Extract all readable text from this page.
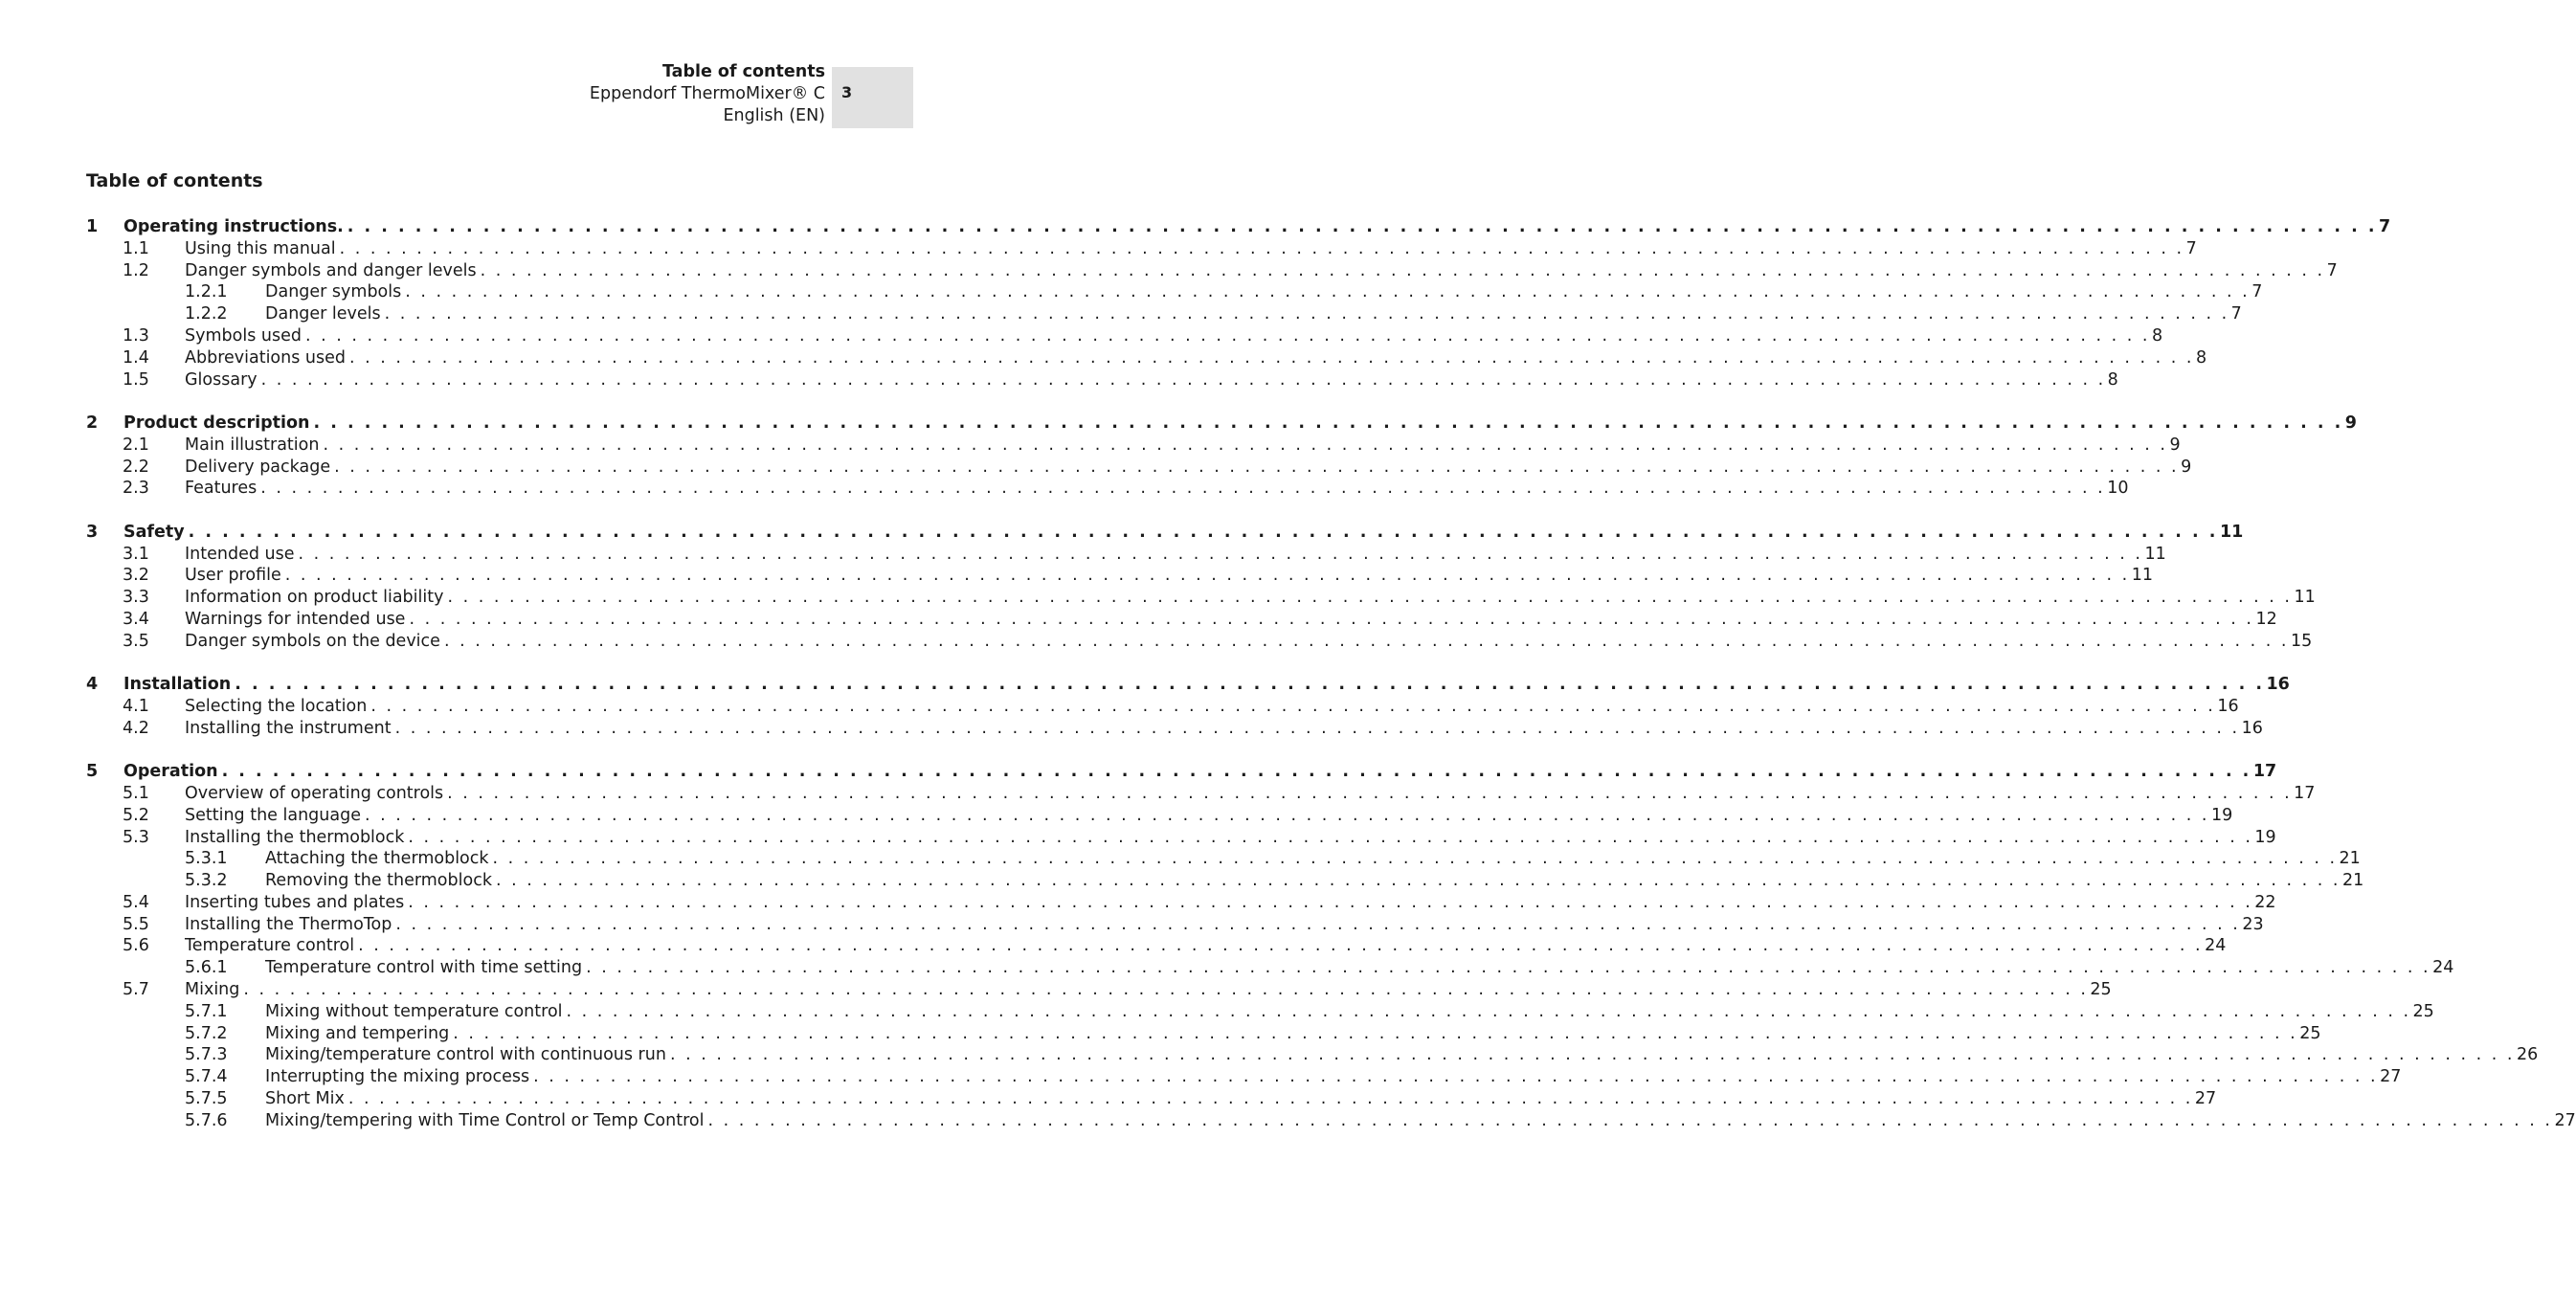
Table of contents
Eppendorf ThermoMixer® C
English (EN)
3
Table of contents
1 Operating instructions. . . . . . . . . . . . . . . . . . . . . . . . . . . . . . . . . . . . . . . . . . . . . . . . . . . . . . . . . . . . . . . . . . . . . . . . . . . . . . . . . . . . . . . . . . . . . . . . . . . . . . . . . . . . . . . . . . . . . . . . . 7
1.1 Using this manual . . . . . . . . . . . . . . . . . . . . . . . . . . . . . . . . . . . . . . . . . . . . . . . . . . . . . . . . . . . . . . . . . . . . . . . . . . . . . . . . . . . . . . . . . . . . . . . . . . . . . . . . . . . . . . . . . . . . . . . . 7
1.2 Danger symbols and danger levels . . . . . . . . . . . . . . . . . . . . . . . . . . . . . . . . . . . . . . . . . . . . . . . . . . . . . . . . . . . . . . . . . . . . . . . . . . . . . . . . . . . . . . . . . . . . . . . . . . . . . . . . . . . . . . . . . . . . . . . . 7
1.2.1 Danger symbols . . . . . . . . . . . . . . . . . . . . . . . . . . . . . . . . . . . . . . . . . . . . . . . . . . . . . . . . . . . . . . . . . . . . . . . . . . . . . . . . . . . . . . . . . . . . . . . . . . . . . . . . . . . . . . . . . . . . . . . . 7
1.2.2 Danger levels . . . . . . . . . . . . . . . . . . . . . . . . . . . . . . . . . . . . . . . . . . . . . . . . . . . . . . . . . . . . . . . . . . . . . . . . . . . . . . . . . . . . . . . . . . . . . . . . . . . . . . . . . . . . . . . . . . . . . . . . 7
1.3 Symbols used . . . . . . . . . . . . . . . . . . . . . . . . . . . . . . . . . . . . . . . . . . . . . . . . . . . . . . . . . . . . . . . . . . . . . . . . . . . . . . . . . . . . . . . . . . . . . . . . . . . . . . . . . . . . . . . . . . . . . . . . 8
1.4 Abbreviations used . . . . . . . . . . . . . . . . . . . . . . . . . . . . . . . . . . . . . . . . . . . . . . . . . . . . . . . . . . . . . . . . . . . . . . . . . . . . . . . . . . . . . . . . . . . . . . . . . . . . . . . . . . . . . . . . . . . . . . . . 8
1.5 Glossary . . . . . . . . . . . . . . . . . . . . . . . . . . . . . . . . . . . . . . . . . . . . . . . . . . . . . . . . . . . . . . . . . . . . . . . . . . . . . . . . . . . . . . . . . . . . . . . . . . . . . . . . . . . . . . . . . . . . . . . . 8
2 Product description . . . . . . . . . . . . . . . . . . . . . . . . . . . . . . . . . . . . . . . . . . . . . . . . . . . . . . . . . . . . . . . . . . . . . . . . . . . . . . . . . . . . . . . . . . . . . . . . . . . . . . . . . . . . . . . . . . . . . . . . 9
2.1 Main illustration . . . . . . . . . . . . . . . . . . . . . . . . . . . . . . . . . . . . . . . . . . . . . . . . . . . . . . . . . . . . . . . . . . . . . . . . . . . . . . . . . . . . . . . . . . . . . . . . . . . . . . . . . . . . . . . . . . . . . . . . 9
2.2 Delivery package . . . . . . . . . . . . . . . . . . . . . . . . . . . . . . . . . . . . . . . . . . . . . . . . . . . . . . . . . . . . . . . . . . . . . . . . . . . . . . . . . . . . . . . . . . . . . . . . . . . . . . . . . . . . . . . . . . . . . . . . 9
2.3 Features . . . . . . . . . . . . . . . . . . . . . . . . . . . . . . . . . . . . . . . . . . . . . . . . . . . . . . . . . . . . . . . . . . . . . . . . . . . . . . . . . . . . . . . . . . . . . . . . . . . . . . . . . . . . . . . . . . . . . . . . 10
3 Safety . . . . . . . . . . . . . . . . . . . . . . . . . . . . . . . . . . . . . . . . . . . . . . . . . . . . . . . . . . . . . . . . . . . . . . . . . . . . . . . . . . . . . . . . . . . . . . . . . . . . . . . . . . . . . . . . . . . . . . . . 11
3.1 Intended use . . . . . . . . . . . . . . . . . . . . . . . . . . . . . . . . . . . . . . . . . . . . . . . . . . . . . . . . . . . . . . . . . . . . . . . . . . . . . . . . . . . . . . . . . . . . . . . . . . . . . . . . . . . . . . . . . . . . . . . . 11
3.2 User profile . . . . . . . . . . . . . . . . . . . . . . . . . . . . . . . . . . . . . . . . . . . . . . . . . . . . . . . . . . . . . . . . . . . . . . . . . . . . . . . . . . . . . . . . . . . . . . . . . . . . . . . . . . . . . . . . . . . . . . . . 11
3.3 Information on product liability . . . . . . . . . . . . . . . . . . . . . . . . . . . . . . . . . . . . . . . . . . . . . . . . . . . . . . . . . . . . . . . . . . . . . . . . . . . . . . . . . . . . . . . . . . . . . . . . . . . . . . . . . . . . . . . . . . . . . . . . 11
3.4 Warnings for intended use . . . . . . . . . . . . . . . . . . . . . . . . . . . . . . . . . . . . . . . . . . . . . . . . . . . . . . . . . . . . . . . . . . . . . . . . . . . . . . . . . . . . . . . . . . . . . . . . . . . . . . . . . . . . . . . . . . . . . . . . 12
3.5 Danger symbols on the device . . . . . . . . . . . . . . . . . . . . . . . . . . . . . . . . . . . . . . . . . . . . . . . . . . . . . . . . . . . . . . . . . . . . . . . . . . . . . . . . . . . . . . . . . . . . . . . . . . . . . . . . . . . . . . . . . . . . . . . . 15
4 Installation . . . . . . . . . . . . . . . . . . . . . . . . . . . . . . . . . . . . . . . . . . . . . . . . . . . . . . . . . . . . . . . . . . . . . . . . . . . . . . . . . . . . . . . . . . . . . . . . . . . . . . . . . . . . . . . . . . . . . . . . 16
4.1 Selecting the location . . . . . . . . . . . . . . . . . . . . . . . . . . . . . . . . . . . . . . . . . . . . . . . . . . . . . . . . . . . . . . . . . . . . . . . . . . . . . . . . . . . . . . . . . . . . . . . . . . . . . . . . . . . . . . . . . . . . . . . . 16
4.2 Installing the instrument . . . . . . . . . . . . . . . . . . . . . . . . . . . . . . . . . . . . . . . . . . . . . . . . . . . . . . . . . . . . . . . . . . . . . . . . . . . . . . . . . . . . . . . . . . . . . . . . . . . . . . . . . . . . . . . . . . . . . . . . 16
5 Operation . . . . . . . . . . . . . . . . . . . . . . . . . . . . . . . . . . . . . . . . . . . . . . . . . . . . . . . . . . . . . . . . . . . . . . . . . . . . . . . . . . . . . . . . . . . . . . . . . . . . . . . . . . . . . . . . . . . . . . . . 17
5.1 Overview of operating controls . . . . . . . . . . . . . . . . . . . . . . . . . . . . . . . . . . . . . . . . . . . . . . . . . . . . . . . . . . . . . . . . . . . . . . . . . . . . . . . . . . . . . . . . . . . . . . . . . . . . . . . . . . . . . . . . . . . . . . . . 17
5.2 Setting the language . . . . . . . . . . . . . . . . . . . . . . . . . . . . . . . . . . . . . . . . . . . . . . . . . . . . . . . . . . . . . . . . . . . . . . . . . . . . . . . . . . . . . . . . . . . . . . . . . . . . . . . . . . . . . . . . . . . . . . . . 19
5.3 Installing the thermoblock . . . . . . . . . . . . . . . . . . . . . . . . . . . . . . . . . . . . . . . . . . . . . . . . . . . . . . . . . . . . . . . . . . . . . . . . . . . . . . . . . . . . . . . . . . . . . . . . . . . . . . . . . . . . . . . . . . . . . . . . 19
5.3.1 Attaching the thermoblock . . . . . . . . . . . . . . . . . . . . . . . . . . . . . . . . . . . . . . . . . . . . . . . . . . . . . . . . . . . . . . . . . . . . . . . . . . . . . . . . . . . . . . . . . . . . . . . . . . . . . . . . . . . . . . . . . . . . . . . . 21
5.3.2 Removing the thermoblock . . . . . . . . . . . . . . . . . . . . . . . . . . . . . . . . . . . . . . . . . . . . . . . . . . . . . . . . . . . . . . . . . . . . . . . . . . . . . . . . . . . . . . . . . . . . . . . . . . . . . . . . . . . . . . . . . . . . . . . . 21
5.4 Inserting tubes and plates . . . . . . . . . . . . . . . . . . . . . . . . . . . . . . . . . . . . . . . . . . . . . . . . . . . . . . . . . . . . . . . . . . . . . . . . . . . . . . . . . . . . . . . . . . . . . . . . . . . . . . . . . . . . . . . . . . . . . . . . 22
5.5 Installing the ThermoTop . . . . . . . . . . . . . . . . . . . . . . . . . . . . . . . . . . . . . . . . . . . . . . . . . . . . . . . . . . . . . . . . . . . . . . . . . . . . . . . . . . . . . . . . . . . . . . . . . . . . . . . . . . . . . . . . . . . . . . . . 23
5.6 Temperature control . . . . . . . . . . . . . . . . . . . . . . . . . . . . . . . . . . . . . . . . . . . . . . . . . . . . . . . . . . . . . . . . . . . . . . . . . . . . . . . . . . . . . . . . . . . . . . . . . . . . . . . . . . . . . . . . . . . . . . . . 24
5.6.1 Temperature control with time setting . . . . . . . . . . . . . . . . . . . . . . . . . . . . . . . . . . . . . . . . . . . . . . . . . . . . . . . . . . . . . . . . . . . . . . . . . . . . . . . . . . . . . . . . . . . . . . . . . . . . . . . . . . . . . . . . . . . . . . . . 24
5.7 Mixing . . . . . . . . . . . . . . . . . . . . . . . . . . . . . . . . . . . . . . . . . . . . . . . . . . . . . . . . . . . . . . . . . . . . . . . . . . . . . . . . . . . . . . . . . . . . . . . . . . . . . . . . . . . . . . . . . . . . . . . . 25
5.7.1 Mixing without temperature control . . . . . . . . . . . . . . . . . . . . . . . . . . . . . . . . . . . . . . . . . . . . . . . . . . . . . . . . . . . . . . . . . . . . . . . . . . . . . . . . . . . . . . . . . . . . . . . . . . . . . . . . . . . . . . . . . . . . . . . . 25
5.7.2 Mixing and tempering . . . . . . . . . . . . . . . . . . . . . . . . . . . . . . . . . . . . . . . . . . . . . . . . . . . . . . . . . . . . . . . . . . . . . . . . . . . . . . . . . . . . . . . . . . . . . . . . . . . . . . . . . . . . . . . . . . . . . . . . 25
5.7.3 Mixing/temperature control with continuous run . . . . . . . . . . . . . . . . . . . . . . . . . . . . . . . . . . . . . . . . . . . . . . . . . . . . . . . . . . . . . . . . . . . . . . . . . . . . . . . . . . . . . . . . . . . . . . . . . . . . . . . . . . . . . . . . . . . . . . . . 26
5.7.4 Interrupting the mixing process . . . . . . . . . . . . . . . . . . . . . . . . . . . . . . . . . . . . . . . . . . . . . . . . . . . . . . . . . . . . . . . . . . . . . . . . . . . . . . . . . . . . . . . . . . . . . . . . . . . . . . . . . . . . . . . . . . . . . . . . 27
5.7.5 Short Mix . . . . . . . . . . . . . . . . . . . . . . . . . . . . . . . . . . . . . . . . . . . . . . . . . . . . . . . . . . . . . . . . . . . . . . . . . . . . . . . . . . . . . . . . . . . . . . . . . . . . . . . . . . . . . . . . . . . . . . . . 27
5.7.6 Mixing/tempering with Time Control or Temp Control . . . . . . . . . . . . . . . . . . . . . . . . . . . . . . . . . . . . . . . . . . . . . . . . . . . . . . . . . . . . . . . . . . . . . . . . . . . . . . . . . . . . . . . . . . . . . . . . . . . . . . . . . . . . . . . . . . . . . . . . 27
